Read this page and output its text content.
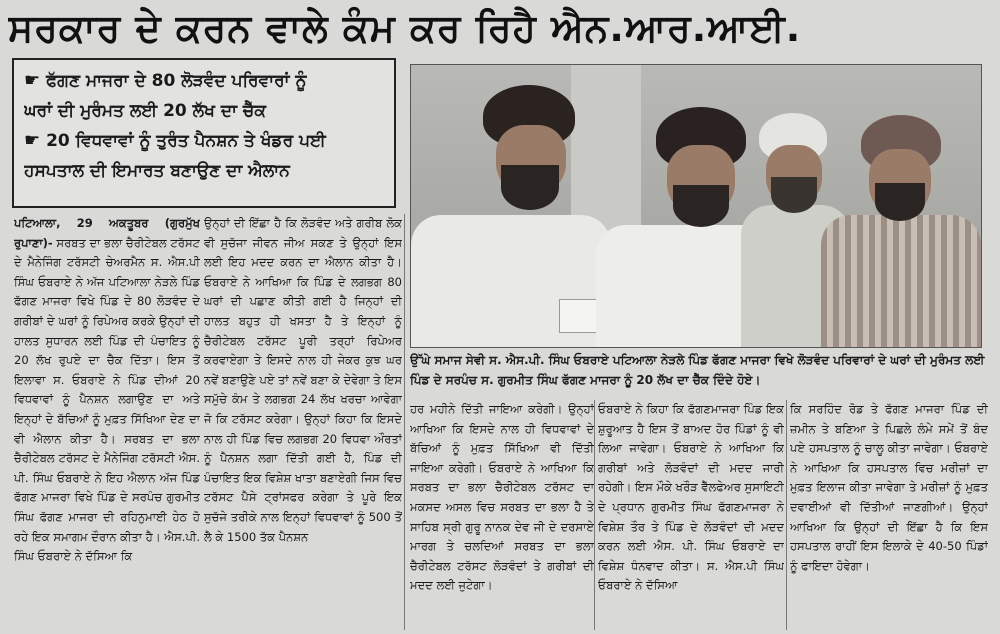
ਸਰਕਾਰ ਦੇ ਕਰਨ ਵਾਲੇ ਕੰਮ ਕਰ ਰਿਹੈ ਐਨ.ਆਰ.ਆਈ.

☛ ਫੱਗਣ ਮਾਜਰਾ ਦੇ 80 ਲੋੜਵੰਦ ਪਰਿਵਾਰਾਂ ਨੂੰ

ਘਰਾਂ ਦੀ ਮੁਰੰਮਤ ਲਈ 20 ਲੱਖ ਦਾ ਚੈੱਕ

☛ 20 ਵਿਧਵਾਵਾਂ ਨੂੰ ਤੁਰੰਤ ਪੈਨਸ਼ਨ ਤੇ ਖੰਡਰ ਪਈ

ਹਸਪਤਾਲ ਦੀ ਇਮਾਰਤ ਬਣਾਉਣ ਦਾ ਐਲਾਨ

ਉੱਘੇ ਸਮਾਜ ਸੇਵੀ ਸ. ਐਸ.ਪੀ. ਸਿੰਘ ਓਬਰਾਏ ਪਟਿਆਲਾ ਨੇੜਲੇ ਪਿੰਡ ਫੱਗਣ ਮਾਜਰਾ ਵਿਖੇ ਲੋੜਵੰਦ ਪਰਿਵਾਰਾਂ ਦੇ ਘਰਾਂ ਦੀ ਮੁਰੰਮਤ ਲਈ ਪਿੰਡ ਦੇ ਸਰਪੰਚ ਸ. ਗੁਰਮੀਤ ਸਿੰਘ ਫੱਗਣ ਮਾਜਰਾ ਨੂੰ 20 ਲੱਖ ਦਾ ਚੈੱਕ ਦਿੰਦੇ ਹੋਏ।
ਪਟਿਆਲਾ, 29 ਅਕਤੂਬਰ (ਗੁਰਮੁੱਖ ਰੁਪਾਣਾ)- ਸਰਬਤ ਦਾ ਭਲਾ ਚੈਰੀਟੇਬਲ ਟਰੱਸਟ ਦੇ ਮੈਨੇਜਿੰਗ ਟਰੱਸਟੀ ਚੇਅਰਮੈਨ ਸ. ਐਸ.ਪੀ ਸਿੰਘ ਓਬਰਾਏ ਨੇ ਅੱਜ ਪਟਿਆਲਾ ਨੇੜਲੇ ਪਿੰਡ ਫੱਗਣ ਮਾਜਰਾ ਵਿਖੇ ਪਿੰਡ ਦੇ 80 ਲੋੜਵੰਦ ਦੇ ਗਰੀਬਾਂ ਦੇ ਘਰਾਂ ਨੂੰ ਰਿਪੇਅਰ ਕਰਕੇ ਉਨ੍ਹਾਂ ਦੀ ਹਾਲਤ ਸੁਧਾਰਨ ਲਈ ਪਿੰਡ ਦੀ ਪੰਚਾਇਤ ਨੂੰ 20 ਲੱਖ ਰੁਪਏ ਦਾ ਚੈਕ ਦਿੱਤਾ। ਇਸ ਤੋਂ ਇਲਾਵਾ ਸ. ਓਬਰਾਏ ਨੇ ਪਿੰਡ ਦੀਆਂ 20 ਵਿਧਵਾਵਾਂ ਨੂੰ ਪੈਨਸ਼ਨ ਲਗਾਉਣ ਦਾ ਅਤੇ ਇਨ੍ਹਾਂ ਦੇ ਬੱਚਿਆਂ ਨੂੰ ਮੁਫ਼ਤ ਸਿੱਖਿਆ ਦੇਣ ਦਾ ਵੀ ਐਲਾਨ ਕੀਤਾ ਹੈ। ਸਰਬਤ ਦਾ ਭਲਾ ਚੈਰੀਟੇਬਲ ਟਰੱਸਟ ਦੇ ਮੈਨੇਜਿੰਗ ਟਰੱਸਟੀ ਐਸ. ਪੀ. ਸਿੰਘ ਓਬਰਾਏ ਨੇ ਇਹ ਐਲਾਨ ਅੱਜ ਪਿੰਡ ਫੱਗਣ ਮਾਜਰਾ ਵਿਖੇ ਪਿੰਡ ਦੇ ਸਰਪੰਚ ਗੁਰਮੀਤ ਸਿੰਘ ਫੱਗਣ ਮਾਜਰਾ ਦੀ ਰਹਿਨੁਮਾਈ ਹੇਠ ਹੋ ਰਹੇ ਇਕ ਸਮਾਗਮ ਦੌਰਾਨ ਕੀਤਾ ਹੈ। ਐਸ.ਪੀ. ਸਿੰਘ ਓਬਰਾਏ ਨੇ ਦੱਸਿਆ ਕਿ
ਉਨ੍ਹਾਂ ਦੀ ਇੱਛਾ ਹੈ ਕਿ ਲੋੜਵੰਦ ਅਤੇ ਗਰੀਬ ਲੋਕ ਵੀ ਸੁਚੱਜਾ ਜੀਵਨ ਜੀਅ ਸਕਣ ਤੇ ਉਨ੍ਹਾਂ ਇਸ ਲਈ ਇਹ ਮਦਦ ਕਰਨ ਦਾ ਐਲਾਨ ਕੀਤਾ ਹੈ। ਓਬਰਾਏ ਨੇ ਆਖਿਆ ਕਿ ਪਿੰਡ ਦੇ ਲਗਭਗ 80 ਘਰਾਂ ਦੀ ਪਛਾਣ ਕੀਤੀ ਗਈ ਹੈ ਜਿਨ੍ਹਾਂ ਦੀ ਹਾਲਤ ਬਹੁਤ ਹੀ ਖਸਤਾ ਹੈ ਤੇ ਇਨ੍ਹਾਂ ਨੂੰ ਚੈਰੀਟੇਬਲ ਟਰੱਸਟ ਪੂਰੀ ਤਰ੍ਹਾਂ ਰਿਪੇਅਰ ਕਰਵਾਏਗਾ ਤੇ ਇਸਦੇ ਨਾਲ ਹੀ ਜੇਕਰ ਕੁਝ ਘਰ ਨਵੇਂ ਬਣਾਉਣੇ ਪਏ ਤਾਂ ਨਵੇਂ ਬਣਾ ਕੇ ਦੇਵੇਗਾ ਤੇ ਇਸ ਸਮੁੱਚੇ ਕੰਮ ਤੇ ਲਗਭਗ 24 ਲੱਖ ਖਰਚਾ ਆਵੇਗਾ ਜੋ ਕਿ ਟਰੱਸਟ ਕਰੇਗਾ। ਉਨ੍ਹਾਂ ਕਿਹਾ ਕਿ ਇਸਦੇ ਨਾਲ ਹੀ ਪਿੰਡ ਵਿਚ ਲਗਭਗ 20 ਵਿਧਵਾ ਔਰਤਾਂ ਨੂੰ ਪੈਨਸ਼ਨ ਲਗਾ ਦਿੱਤੀ ਗਈ ਹੈ, ਪਿੰਡ ਦੀ ਪੰਚਾਇਤ ਇਕ ਵਿਸ਼ੇਸ਼ ਖਾਤਾ ਬਣਾਏਗੀ ਜਿਸ ਵਿਚ ਟਰੱਸਟ ਪੈਸੇ ਟ੍ਰਾਂਸਫਰ ਕਰੇਗਾ ਤੇ ਪੂਰੇ ਇਕ ਸੁਚੱਜੇ ਤਰੀਕੇ ਨਾਲ ਇਨ੍ਹਾਂ ਵਿਧਵਾਵਾਂ ਨੂੰ 500 ਤੋਂ ਲੈ ਕੇ 1500 ਤੱਕ ਪੈਨਸ਼ਨ
ਹਰ ਮਹੀਨੇ ਦਿੱਤੀ ਜਾਇਆ ਕਰੇਗੀ। ਉਨ੍ਹਾਂ ਆਖਿਆ ਕਿ ਇਸਦੇ ਨਾਲ ਹੀ ਵਿਧਵਾਵਾਂ ਦੇ ਬੱਚਿਆਂ ਨੂੰ ਮੁਫ਼ਤ ਸਿੱਖਿਆ ਵੀ ਦਿੱਤੀ ਜਾਇਆ ਕਰੇਗੀ। ਓਬਰਾਏ ਨੇ ਆਖਿਆ ਕਿ ਸਰਬਤ ਦਾ ਭਲਾ ਚੈਰੀਟੇਬਲ ਟਰੱਸਟ ਦਾ ਮਕਸਦ ਅਸਲ ਵਿਚ ਸਰਬਤ ਦਾ ਭਲਾ ਹੈ ਤੇ ਸਾਹਿਬ ਸ੍ਰੀ ਗੁਰੂ ਨਾਨਕ ਦੇਵ ਜੀ ਦੇ ਦਰਸਾਏ ਮਾਰਗ ਤੇ ਚਲਦਿਆਂ ਸਰਬਤ ਦਾ ਭਲਾ ਚੈਰੀਟੇਬਲ ਟਰੱਸਟ ਲੋੜਵੰਦਾਂ ਤੇ ਗਰੀਬਾਂ ਦੀ ਮਦਦ ਲਈ ਜੁਟੇਗਾ।
ਓਬਰਾਏ ਨੇ ਕਿਹਾ ਕਿ ਫੱਗਣਮਾਜਰਾ ਪਿੰਡ ਇਕ ਸ਼ੁਰੂਆਤ ਹੈ ਇਸ ਤੋਂ ਬਾਅਦ ਹੋਰ ਪਿੰਡਾਂ ਨੂੰ ਵੀ ਲਿਆ ਜਾਵੇਗਾ। ਓਬਰਾਏ ਨੇ ਆਖਿਆ ਕਿ ਗਰੀਬਾਂ ਅਤੇ ਲੋੜਵੰਦਾਂ ਦੀ ਮਦਦ ਜਾਰੀ ਰਹੇਗੀ। ਇਸ ਮੌਕੇ ਖਰੌੜ ਵੈੱਲਫੇਅਰ ਸੁਸਾਇਟੀ ਦੇ ਪ੍ਰਧਾਨ ਗੁਰਮੀਤ ਸਿੰਘ ਫੱਗਣਮਾਜਰਾ ਨੇ ਵਿਸ਼ੇਸ਼ ਤੌਰ ਤੇ ਪਿੰਡ ਦੇ ਲੋੜਵੰਦਾਂ ਦੀ ਮਦਦ ਕਰਨ ਲਈ ਐਸ. ਪੀ. ਸਿੰਘ ਓਬਰਾਏ ਦਾ ਵਿਸ਼ੇਸ਼ ਧੰਨਵਾਦ ਕੀਤਾ। ਸ. ਐਸ.ਪੀ ਸਿੰਘ ਓਬਰਾਏ ਨੇ ਦੱਸਿਆ
ਕਿ ਸਰਹਿੰਦ ਰੋਡ ਤੇ ਫੱਗਣ ਮਾਜਰਾ ਪਿੰਡ ਦੀ ਜ਼ਮੀਨ ਤੇ ਬਣਿਆ ਤੇ ਪਿਛਲੇ ਲੰਮੇ ਸਮੇਂ ਤੋਂ ਬੰਦ ਪਏ ਹਸਪਤਾਲ ਨੂੰ ਚਾਲੂ ਕੀਤਾ ਜਾਵੇਗਾ। ਓਬਰਾਏ ਨੇ ਆਖਿਆ ਕਿ ਹਸਪਤਾਲ ਵਿਚ ਮਰੀਜ਼ਾਂ ਦਾ ਮੁਫ਼ਤ ਇਲਾਜ ਕੀਤਾ ਜਾਵੇਗਾ ਤੇ ਮਰੀਜ਼ਾਂ ਨੂੰ ਮੁਫ਼ਤ ਦਵਾਈਆਂ ਵੀ ਦਿੱਤੀਆਂ ਜਾਣਗੀਆਂ। ਉਨ੍ਹਾਂ ਆਖਿਆ ਕਿ ਉਨ੍ਹਾਂ ਦੀ ਇੱਛਾ ਹੈ ਕਿ ਇਸ ਹਸਪਤਾਲ ਰਾਹੀਂ ਇਸ ਇਲਾਕੇ ਦੇ 40-50 ਪਿੰਡਾਂ ਨੂੰ ਫਾਇਦਾ ਹੋਵੇਗਾ।
